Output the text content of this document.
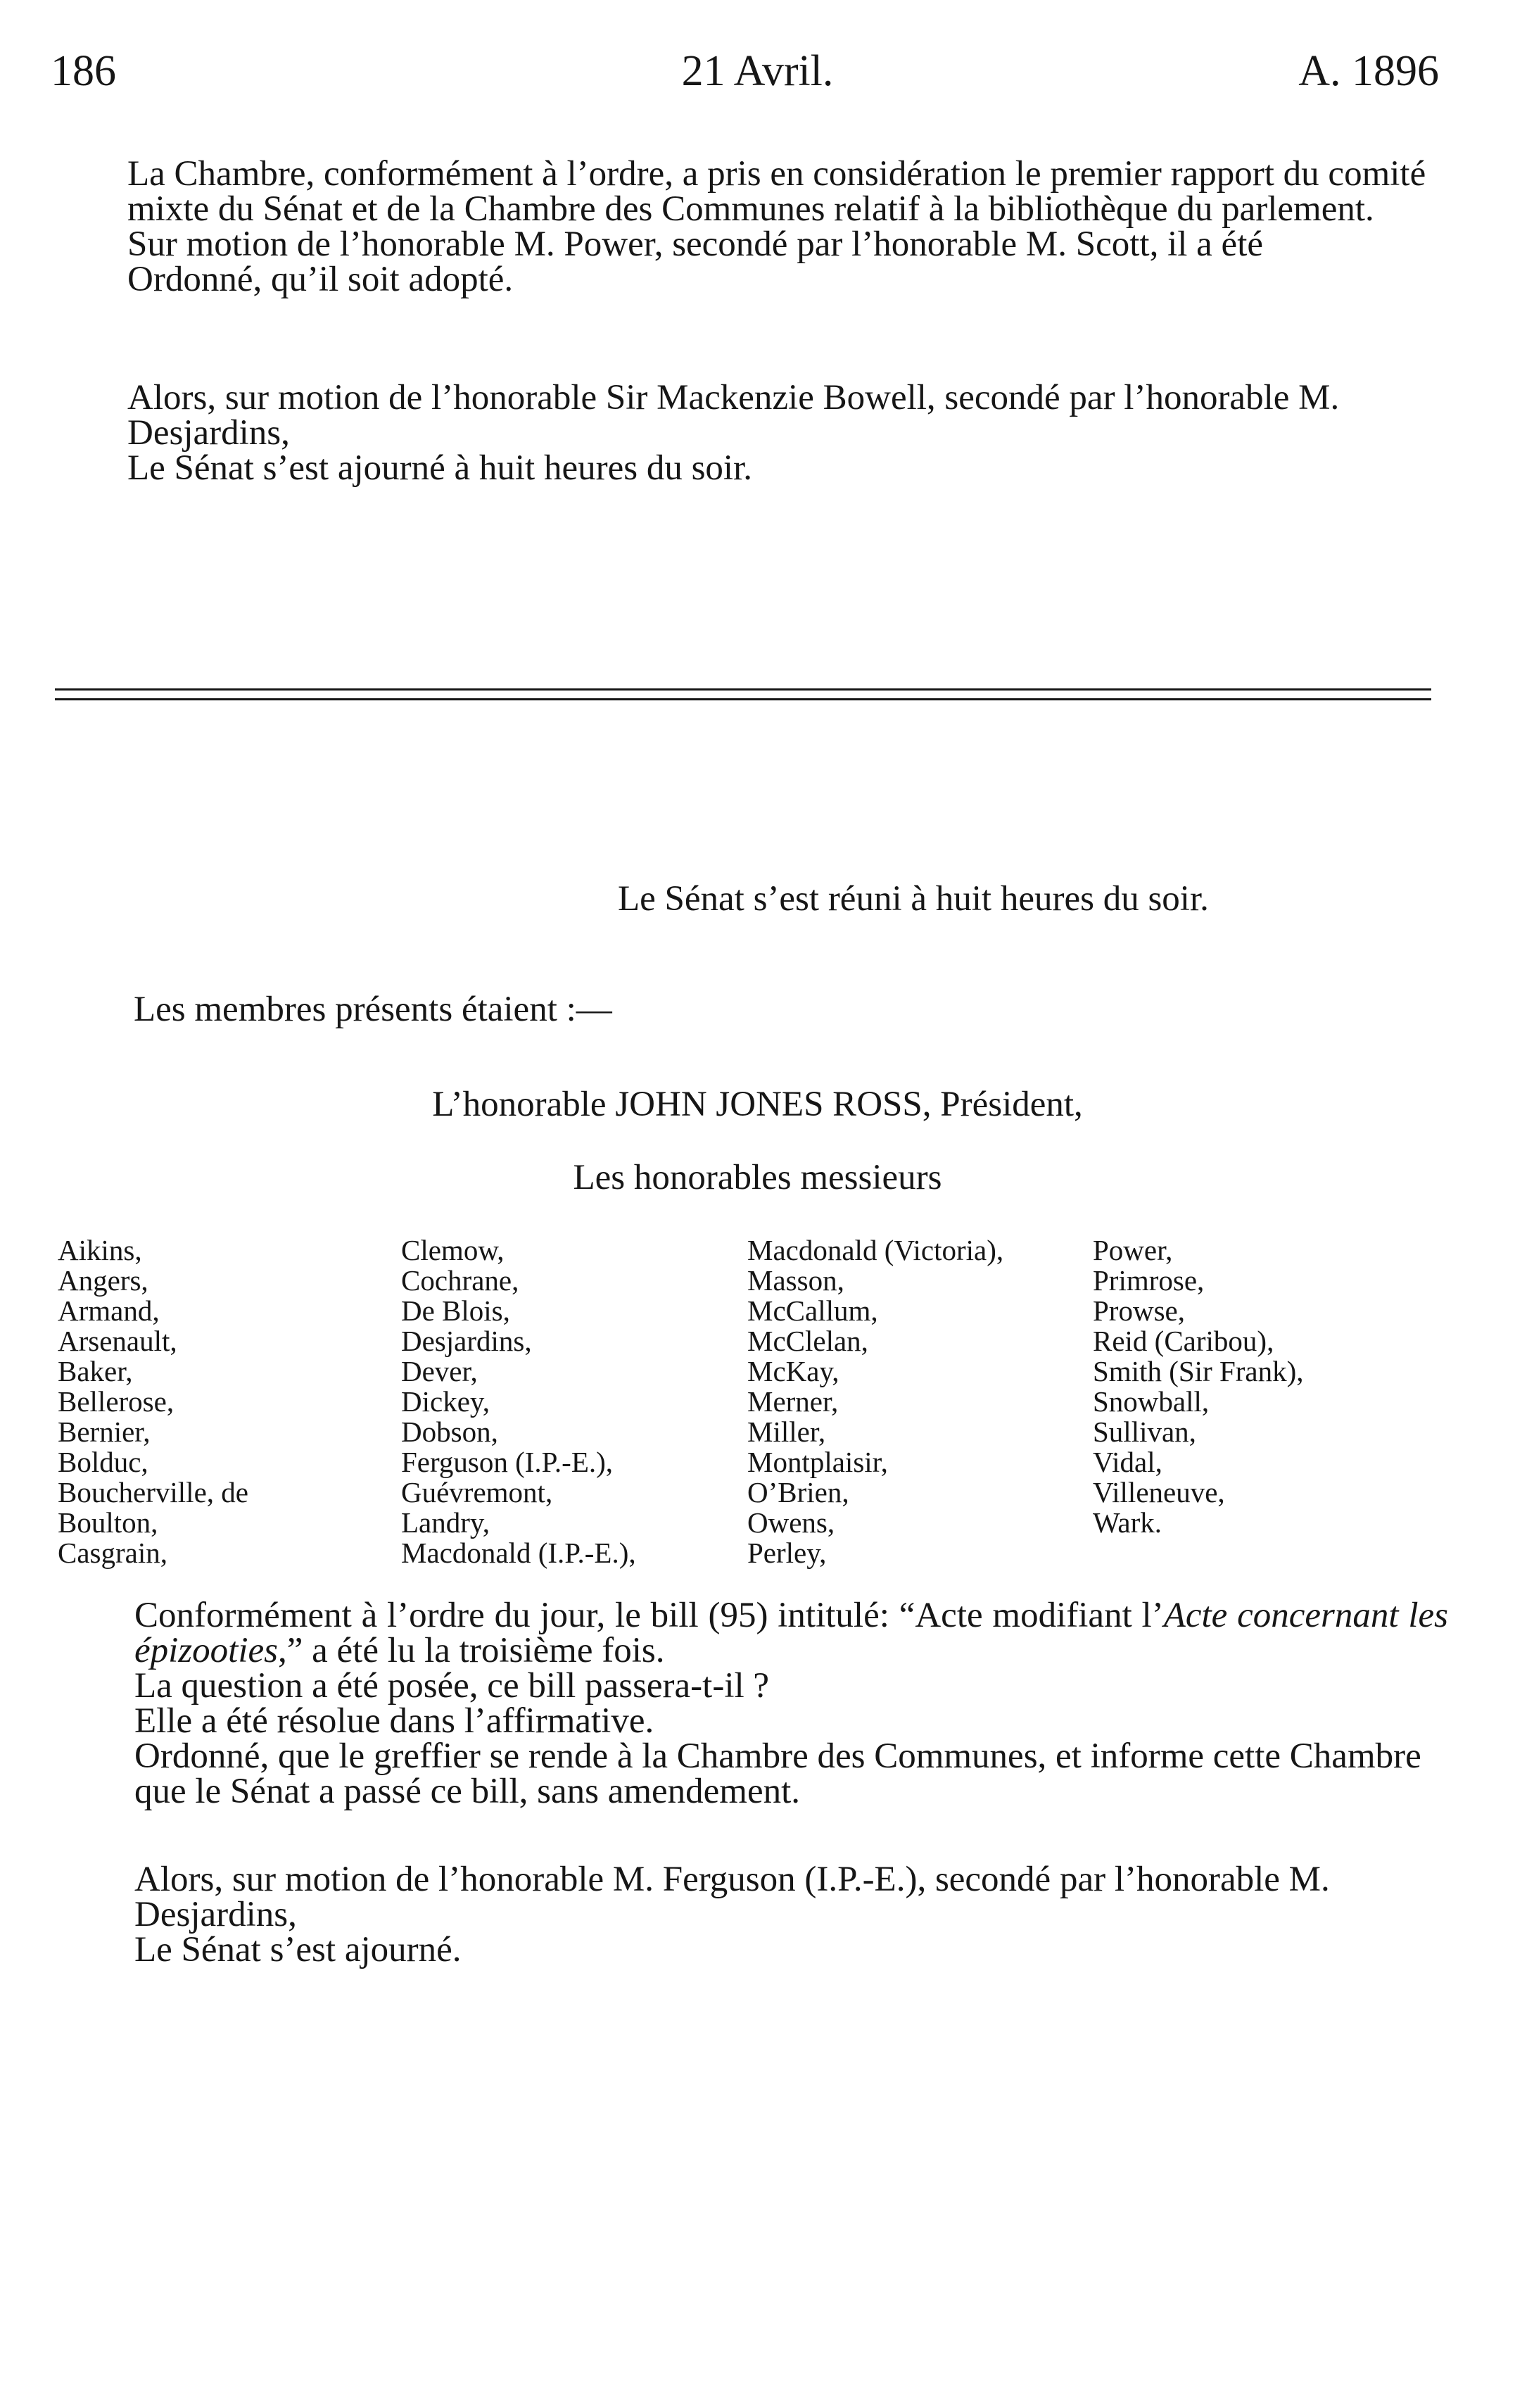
186	21 Avril.	A. 1896

La Chambre, conformément à l’ordre, a pris en considération le premier rapport du comité mixte du Sénat et de la Chambre des Communes relatif à la bibliothèque du parlement.

Sur motion de l’honorable M. Power, secondé par l’honorable M. Scott, il a été

Ordonné, qu’il soit adopté.

Alors, sur motion de l’honorable Sir Mackenzie Bowell, secondé par l’honorable M. Desjardins,

Le Sénat s’est ajourné à huit heures du soir.

Le Sénat s’est réuni à huit heures du soir.
Les membres présents étaient :—
L’honorable JOHN JONES ROSS, Président,
Les honorables messieurs
Aikins,
Angers,
Armand,
Arsenault,
Baker,
Bellerose,
Bernier,
Bolduc,
Boucherville, de
Boulton,
Casgrain,
Clemow,
Cochrane,
De Blois,
Desjardins,
Dever,
Dickey,
Dobson,
Ferguson (I.P.-E.),
Guévremont,
Landry,
Macdonald (I.P.-E.),
Macdonald (Victoria),
Masson,
McCallum,
McClelan,
McKay,
Merner,
Miller,
Montplaisir,
O’Brien,
Owens,
Perley,
Power,
Primrose,
Prowse,
Reid (Caribou),
Smith (Sir Frank),
Snowball,
Sullivan,
Vidal,
Villeneuve,
Wark.

Conformément à l’ordre du jour, le bill (95) intitulé: “Acte modifiant l’Acte concernant les épizooties,” a été lu la troisième fois.

La question a été posée, ce bill passera-t-il ?

Elle a été résolue dans l’affirmative.

Ordonné, que le greffier se rende à la Chambre des Communes, et informe cette Chambre que le Sénat a passé ce bill, sans amendement.

Alors, sur motion de l’honorable M. Ferguson (I.P.-E.), secondé par l’honorable M. Desjardins,

Le Sénat s’est ajourné.
